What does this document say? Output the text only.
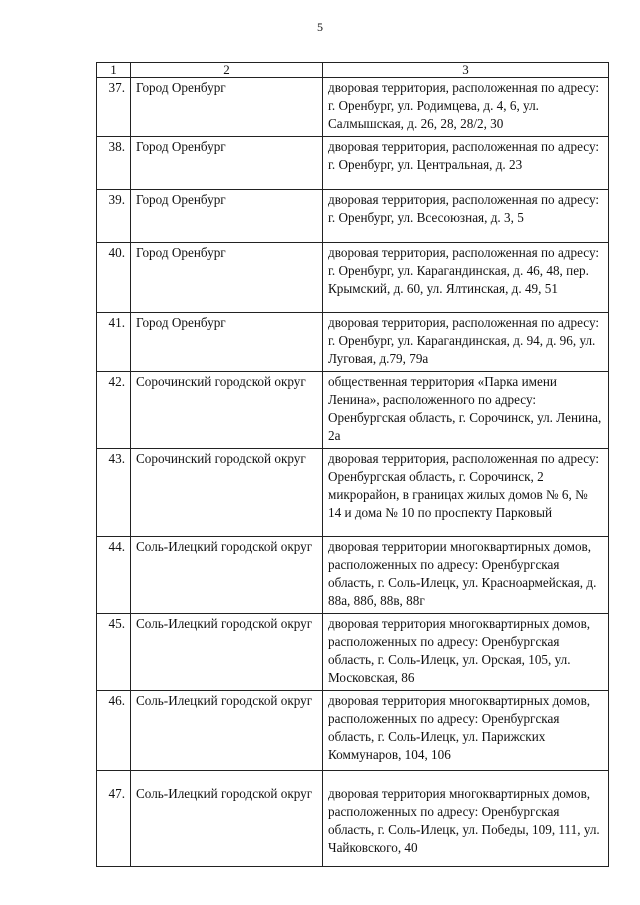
5
1	2	3
37.	Город Оренбург	дворовая территория, расположенная по адресу: г. Оренбург, ул. Родимцева, д. 4, 6, ул. Салмышская, д. 26, 28, 28/2, 30
38.	Город Оренбург	дворовая территория, расположенная по адресу: г. Оренбург, ул. Центральная, д. 23
39.	Город Оренбург	дворовая территория, расположенная по адресу: г. Оренбург, ул. Всесоюзная, д. 3, 5
40.	Город Оренбург	дворовая территория, расположенная по адресу: г. Оренбург, ул. Карагандинская, д. 46, 48, пер. Крымский, д. 60, ул. Ялтинская, д. 49, 51
41.	Город Оренбург	дворовая территория, расположенная по адресу: г. Оренбург, ул. Карагандинская, д. 94, д. 96, ул. Луговая, д.79, 79а
42.	Сорочинский городской округ	общественная территория «Парка имени Ленина», расположенного по адресу: Оренбургская область, г. Сорочинск, ул. Ленина, 2а
43.	Сорочинский городской округ	дворовая территория, расположенная по адресу: Оренбургская область, г. Сорочинск, 2 микрорайон, в границах жилых домов № 6, № 14 и дома № 10 по проспекту Парковый
44.	Соль-Илецкий городской округ	дворовая территории многоквартирных домов, расположенных по адресу: Оренбургская область, г. Соль-Илецк, ул. Красноармейская, д. 88а, 88б, 88в, 88г
45.	Соль-Илецкий городской округ	дворовая территория многоквартирных домов, расположенных по адресу: Оренбургская область, г. Соль-Илецк, ул. Орская, 105, ул. Московская, 86
46.	Соль-Илецкий городской округ	дворовая территория многоквартирных домов, расположенных по адресу: Оренбургская область, г. Соль-Илецк, ул. Парижских Коммунаров, 104, 106
47.	Соль-Илецкий городской округ	дворовая территория многоквартирных домов, расположенных по адресу: Оренбургская область, г. Соль-Илецк, ул. Победы, 109, 111, ул. Чайковского, 40
